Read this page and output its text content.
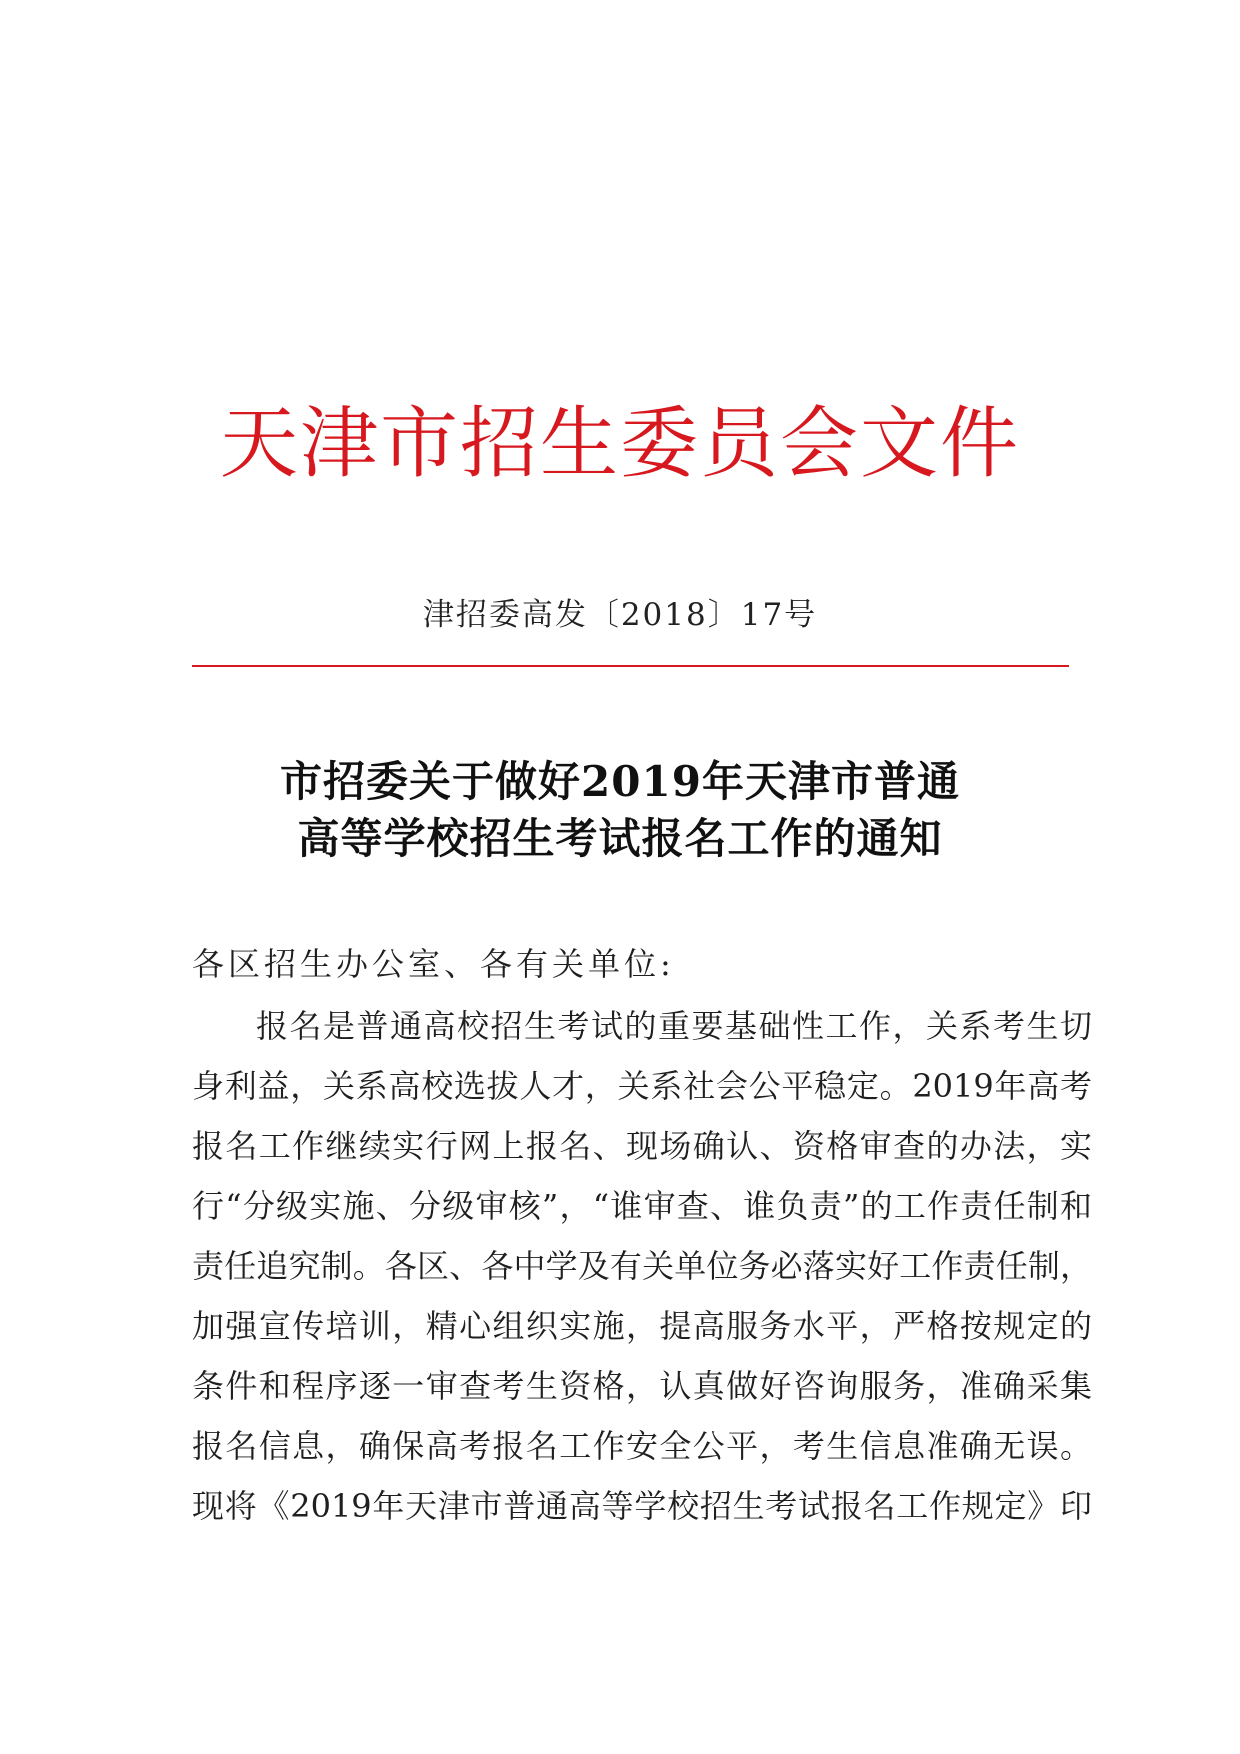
天津市招生委员会文件
津招委高发〔2018〕17号
市招委关于做好2019年天津市普通
高等学校招生考试报名工作的通知
各区招生办公室、各有关单位:
报名是普通高校招生考试的重要基础性工作，关系考生切
身利益，关系高校选拔人才，关系社会公平稳定。2019年高考
报名工作继续实行网上报名、现场确认、资格审查的办法，实
行“分级实施、分级审核”，“谁审查、谁负责”的工作责任制和
责任追究制。各区、各中学及有关单位务必落实好工作责任制，
加强宣传培训，精心组织实施，提高服务水平，严格按规定的
条件和程序逐一审查考生资格，认真做好咨询服务，准确采集
报名信息，确保高考报名工作安全公平，考生信息准确无误。
现将《2019年天津市普通高等学校招生考试报名工作规定》印
